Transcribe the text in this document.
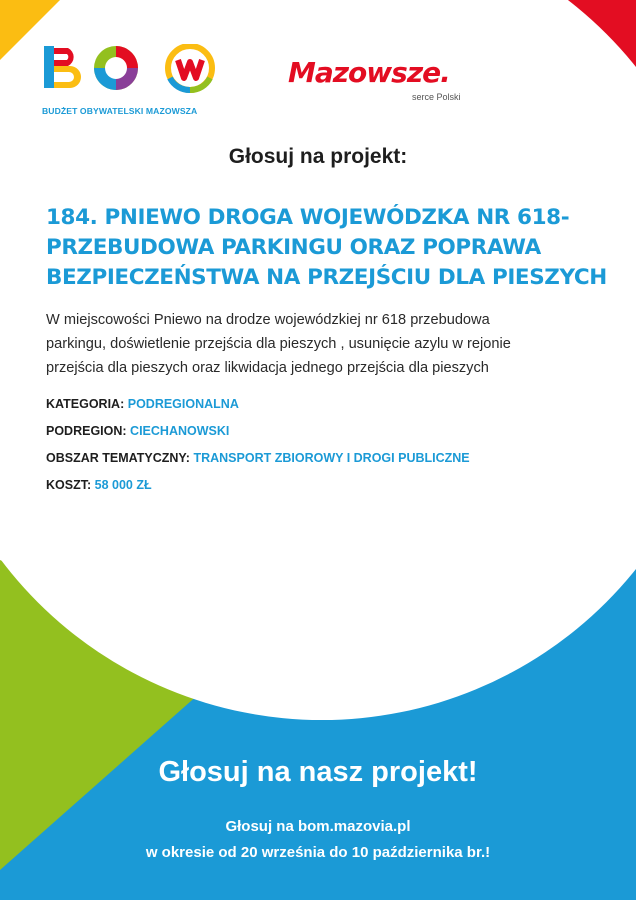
BUDŻET OBYWATELSKI MAZOWSZA
Mazowsze.
serce Polski
Głosuj na projekt:
184. PNIEWO DROGA WOJEWÓDZKA NR 618-
PRZEBUDOWA PARKINGU ORAZ POPRAWA
BEZPIECZEŃSTWA NA PRZEJŚCIU DLA PIESZYCH
W miejscowości Pniewo na drodze wojewódzkiej nr 618 przebudowa
parkingu, doświetlenie przejścia dla pieszych , usunięcie azylu w rejonie
przejścia dla pieszych oraz likwidacja jednego przejścia dla pieszych
KATEGORIA: PODREGIONALNA
PODREGION: CIECHANOWSKI
OBSZAR TEMATYCZNY: TRANSPORT ZBIOROWY I DROGI PUBLICZNE
KOSZT: 58 000 ZŁ
Głosuj na nasz projekt!
Głosuj na bom.mazovia.pl
w okresie od 20 września do 10 października br.!
